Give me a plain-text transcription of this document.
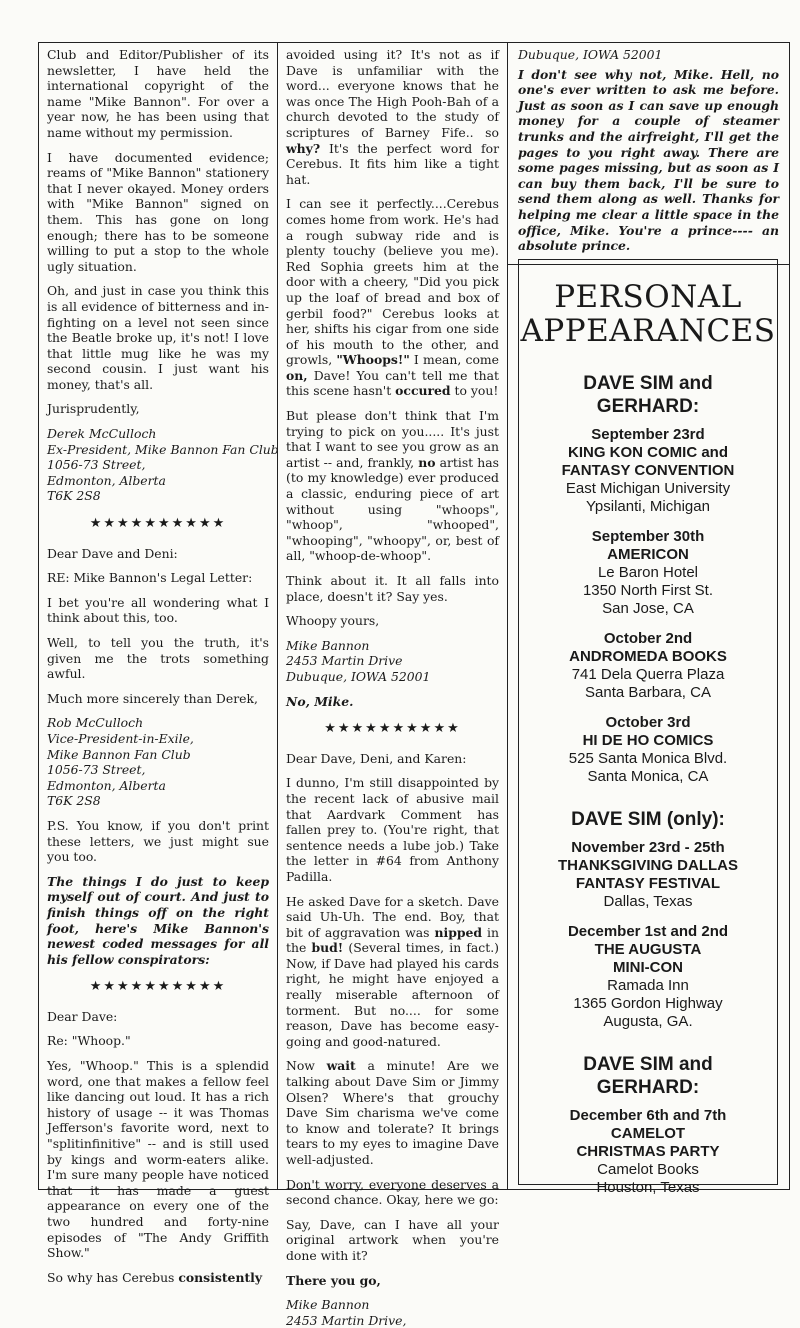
Club and Editor/Publisher of its newsletter, I have held the international copyright of the name "Mike Bannon". For over a year now, he has been using that name without my permission.

I have documented evidence; reams of "Mike Bannon" stationery that I never okayed. Money orders with "Mike Bannon" signed on them. This has gone on long enough; there has to be someone willing to put a stop to the whole ugly situation.

Oh, and just in case you think this is all evidence of bitterness and in-fighting on a level not seen since the Beatle broke up, it's not! I love that little mug like he was my second cousin. I just want his money, that's all.

Jurisprudently,

Derek McCulloch
Ex-President, Mike Bannon Fan Club
1056-73 Street,
Edmonton, Alberta
T6K 2S8
★★★★★★★★★★

Dear Dave and Deni:

RE: Mike Bannon's Legal Letter:

I bet you're all wondering what I think about this, too.

Well, to tell you the truth, it's given me the trots something awful.

Much more sincerely than Derek,

Rob McCulloch
Vice-President-in-Exile,
Mike Bannon Fan Club
1056-73 Street,
Edmonton, Alberta
T6K 2S8

P.S. You know, if you don't print these letters, we just might sue you too.

The things I do just to keep myself out of court. And just to finish things off on the right foot, here's Mike Bannon's newest coded messages for all his fellow conspirators:

★★★★★★★★★★

Dear Dave:

Re: "Whoop."

Yes, "Whoop." This is a splendid word, one that makes a fellow feel like dancing out loud. It has a rich history of usage -- it was Thomas Jefferson's favorite word, next to "splitinfinitive" -- and is still used by kings and worm-eaters alike. I'm sure many people have noticed that it has made a guest appearance on every one of the two hundred and forty-nine episodes of "The Andy Griffith Show."

So why has Cerebus consistently

avoided using it? It's not as if Dave is unfamiliar with the word... everyone knows that he was once The High Pooh-Bah of a church devoted to the study of scriptures of Barney Fife.. so why? It's the perfect word for Cerebus. It fits him like a tight hat.

I can see it perfectly....Cerebus comes home from work. He's had a rough subway ride and is plenty touchy (believe you me). Red Sophia greets him at the door with a cheery, "Did you pick up the loaf of bread and box of gerbil food?" Cerebus looks at her, shifts his cigar from one side of his mouth to the other, and growls, "Whoops!" I mean, come on, Dave! You can't tell me that this scene hasn't occured to you!

But please don't think that I'm trying to pick on you..... It's just that I want to see you grow as an artist -- and, frankly, no artist has (to my knowledge) ever produced a classic, enduring piece of art without using "whoops", "whoop", "whooped", "whooping", "whoopy", or, best of all, "whoop-de-whoop".

Think about it. It all falls into place, doesn't it? Say yes.

Whoopy yours,

Mike Bannon
2453 Martin Drive
Dubuque, IOWA 52001

No, Mike.

★★★★★★★★★★

Dear Dave, Deni, and Karen:

I dunno, I'm still disappointed by the recent lack of abusive mail that Aardvark Comment has fallen prey to. (You're right, that sentence needs a lube job.) Take the letter in #64 from Anthony Padilla.

He asked Dave for a sketch. Dave said Uh-Uh. The end. Boy, that bit of aggravation was nipped in the bud! (Several times, in fact.) Now, if Dave had played his cards right, he might have enjoyed a really miserable afternoon of torment. But no.... for some reason, Dave has become easy-going and good-natured.

Now wait a minute! Are we talking about Dave Sim or Jimmy Olsen? Where's that grouchy Dave Sim charisma we've come to know and tolerate? It brings tears to my eyes to imagine Dave well-adjusted.

Don't worry, everyone deserves a second chance. Okay, here we go:

Say, Dave, can I have all your original artwork when you're done with it?

There you go,

Mike Bannon
2453 Martin Drive,

Dubuque, IOWA 52001

I don't see why not, Mike. Hell, no one's ever written to ask me before. Just as soon as I can save up enough money for a couple of steamer trunks and the airfreight, I'll get the pages to you right away. There are some pages missing, but as soon as I can buy them back, I'll be sure to send them along as well. Thanks for helping me clear a little space in the office, Mike. You're a prince---- an absolute prince.

PERSONAL
APPEARANCES
DAVE SIM and
GERHARD:
September 23rd
KING KON COMIC and
FANTASY CONVENTION
East Michigan University
Ypsilanti, Michigan
September 30th
AMERICON
Le Baron Hotel
1350 North First St.
San Jose, CA
October 2nd
ANDROMEDA BOOKS
741 Dela Querra Plaza
Santa Barbara, CA
October 3rd
HI DE HO COMICS
525 Santa Monica Blvd.
Santa Monica, CA
DAVE SIM (only):
November 23rd - 25th
THANKSGIVING DALLAS
FANTASY FESTIVAL
Dallas, Texas
December 1st and 2nd
THE AUGUSTA
MINI-CON
Ramada Inn
1365 Gordon Highway
Augusta, GA.
DAVE SIM and
GERHARD:
December 6th and 7th
CAMELOT
CHRISTMAS PARTY
Camelot Books
Houston, Texas
